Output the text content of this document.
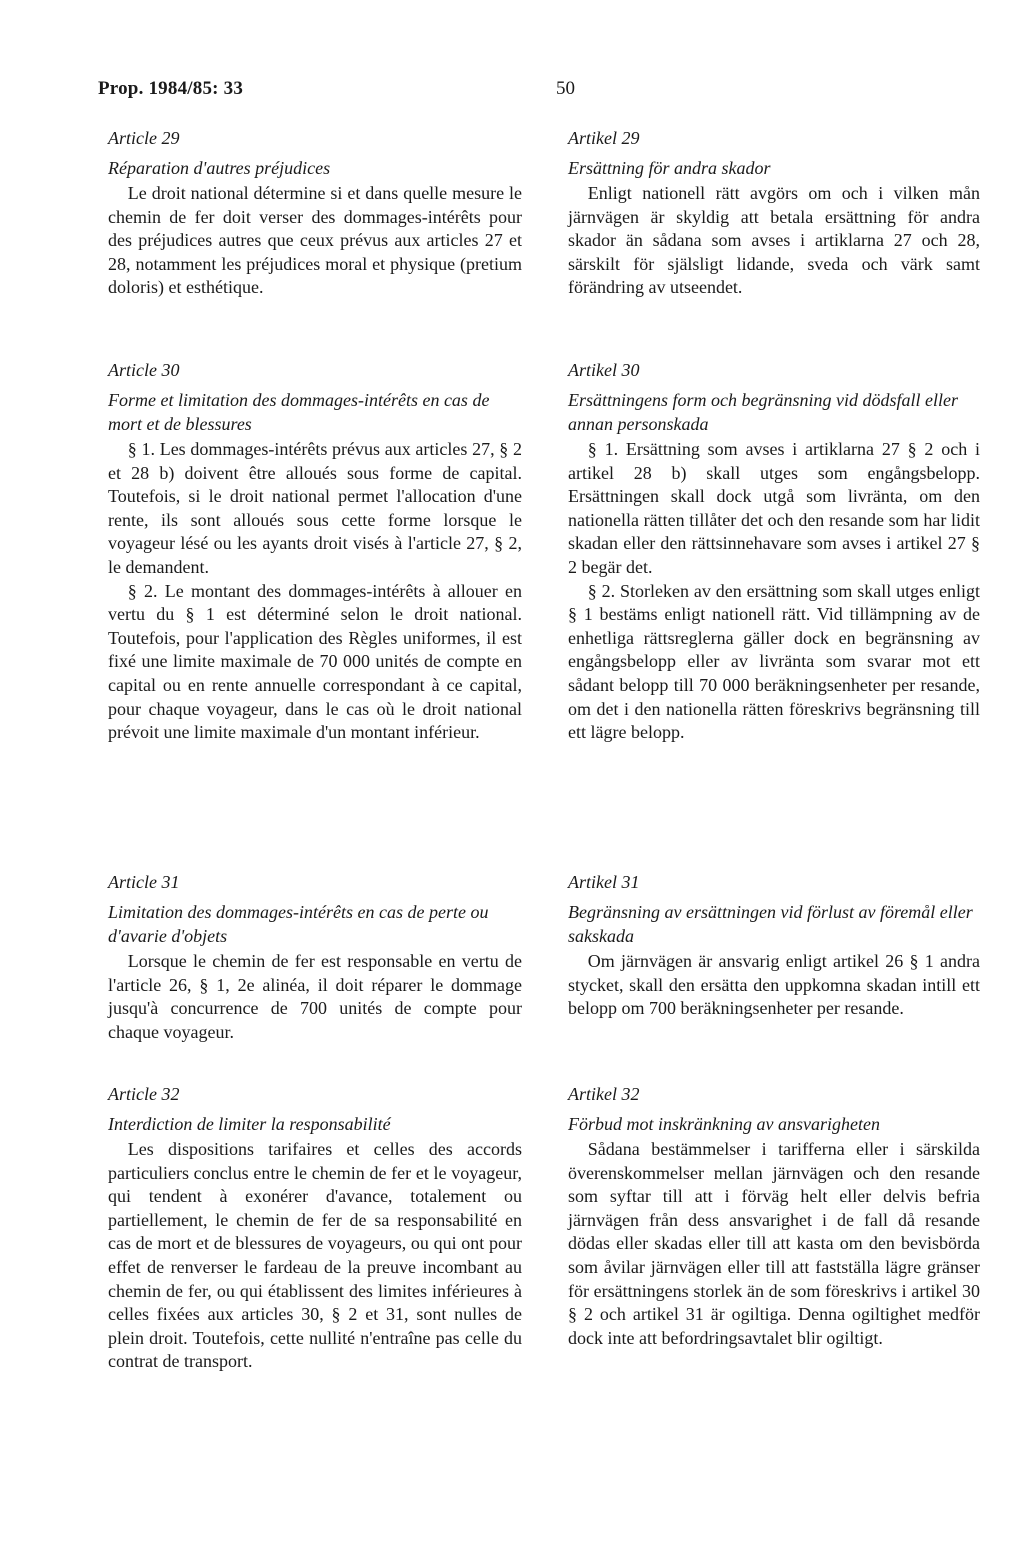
Prop. 1984/85: 33	50

Article 29

Réparation d'autres préjudices

Le droit national détermine si et dans quelle mesure le chemin de fer doit verser des dommages-intérêts pour des préjudices autres que ceux prévus aux articles 27 et 28, notamment les préjudices moral et physique (pretium doloris) et esthétique.

Artikel 29

Ersättning för andra skador

Enligt nationell rätt avgörs om och i vilken mån järnvägen är skyldig att betala ersättning för andra skador än sådana som avses i artiklarna 27 och 28, särskilt för själsligt lidande, sveda och värk samt förändring av utseendet.

Article 30

Forme et limitation des dommages-intérêts en cas de mort et de blessures

§ 1. Les dommages-intérêts prévus aux articles 27, § 2 et 28 b) doivent être alloués sous forme de capital. Toutefois, si le droit national permet l'allocation d'une rente, ils sont alloués sous cette forme lorsque le voyageur lésé ou les ayants droit visés à l'article 27, § 2, le demandent.

§ 2. Le montant des dommages-intérêts à allouer en vertu du § 1 est déterminé selon le droit national. Toutefois, pour l'application des Règles uniformes, il est fixé une limite maximale de 70 000 unités de compte en capital ou en rente annuelle correspondant à ce capital, pour chaque voyageur, dans le cas où le droit national prévoit une limite maximale d'un montant inférieur.

Artikel 30

Ersättningens form och begränsning vid dödsfall eller annan personskada

§ 1. Ersättning som avses i artiklarna 27 § 2 och i artikel 28 b) skall utges som engångsbelopp. Ersättningen skall dock utgå som livränta, om den nationella rätten tillåter det och den resande som har lidit skadan eller den rättsinnehavare som avses i artikel 27 § 2 begär det.

§ 2. Storleken av den ersättning som skall utges enligt § 1 bestäms enligt nationell rätt. Vid tillämpning av de enhetliga rättsreglerna gäller dock en begränsning av engångsbelopp eller av livränta som svarar mot ett sådant belopp till 70 000 beräkningsenheter per resande, om det i den nationella rätten föreskrivs begränsning till ett lägre belopp.

Article 31

Limitation des dommages-intérêts en cas de perte ou d'avarie d'objets

Lorsque le chemin de fer est responsable en vertu de l'article 26, § 1, 2e alinéa, il doit réparer le dommage jusqu'à concurrence de 700 unités de compte pour chaque voyageur.

Artikel 31

Begränsning av ersättningen vid förlust av föremål eller sakskada

Om järnvägen är ansvarig enligt artikel 26 § 1 andra stycket, skall den ersätta den uppkomna skadan intill ett belopp om 700 beräkningsenheter per resande.

Article 32

Interdiction de limiter la responsabilité

Les dispositions tarifaires et celles des accords particuliers conclus entre le chemin de fer et le voyageur, qui tendent à exonérer d'avance, totalement ou partiellement, le chemin de fer de sa responsabilité en cas de mort et de blessures de voyageurs, ou qui ont pour effet de renverser le fardeau de la preuve incombant au chemin de fer, ou qui établissent des limites inférieures à celles fixées aux articles 30, § 2 et 31, sont nulles de plein droit. Toutefois, cette nullité n'entraîne pas celle du contrat de transport.

Artikel 32

Förbud mot inskränkning av ansvarigheten

Sådana bestämmelser i tarifferna eller i särskilda överenskommelser mellan järnvägen och den resande som syftar till att i förväg helt eller delvis befria järnvägen från dess ansvarighet i de fall då resande dödas eller skadas eller till att kasta om den bevisbörda som åvilar järnvägen eller till att fastställa lägre gränser för ersättningens storlek än de som föreskrivs i artikel 30 § 2 och artikel 31 är ogiltiga. Denna ogiltighet medför dock inte att befordringsavtalet blir ogiltigt.
